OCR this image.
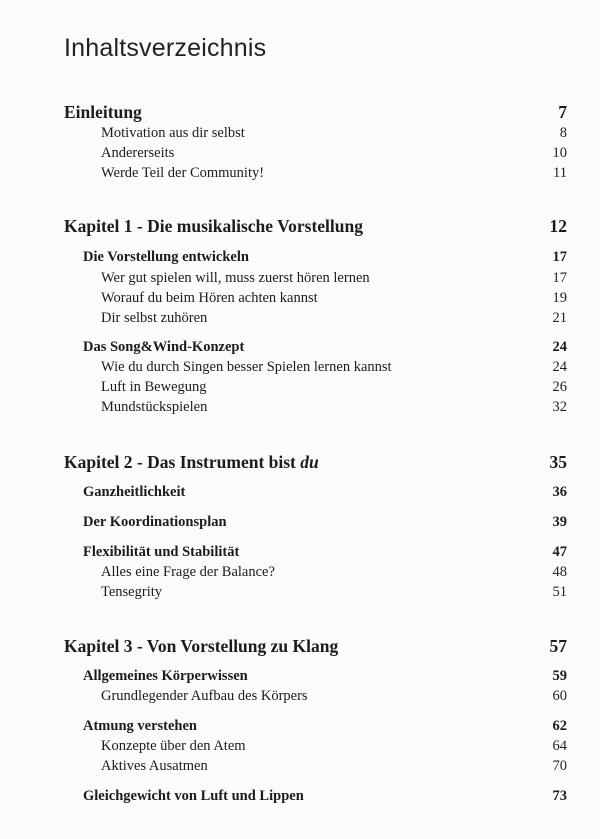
Inhaltsverzeichnis
Einleitung	7
Motivation aus dir selbst	8
Andererseits	10
Werde Teil der Community!	11
Kapitel 1 - Die musikalische Vorstellung	12
Die Vorstellung entwickeln	17
Wer gut spielen will, muss zuerst hören lernen	17
Worauf du beim Hören achten kannst	19
Dir selbst zuhören	21
Das Song&Wind-Konzept	24
Wie du durch Singen besser Spielen lernen kannst	24
Luft in Bewegung	26
Mundstückspielen	32
Kapitel 2 - Das Instrument bist du	35
Ganzheitlichkeit	36
Der Koordinationsplan	39
Flexibilität und Stabilität	47
Alles eine Frage der Balance?	48
Tensegrity	51
Kapitel 3 - Von Vorstellung zu Klang	57
Allgemeines Körperwissen	59
Grundlegender Aufbau des Körpers	60
Atmung verstehen	62
Konzepte über den Atem	64
Aktives Ausatmen	70
Gleichgewicht von Luft und Lippen	73
